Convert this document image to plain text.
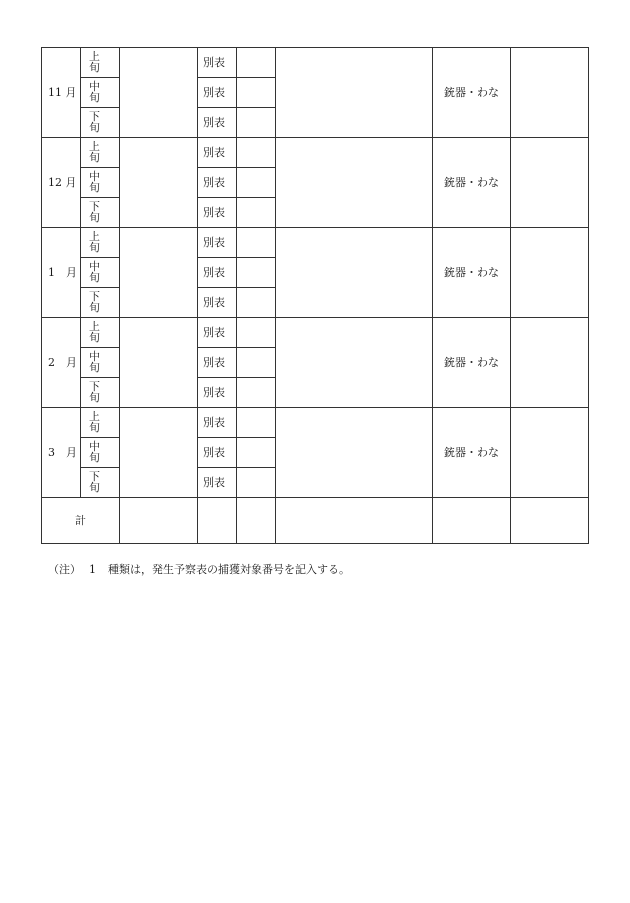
11 月	上 旬		別表			銃器・わな	
	中 旬		別表				
	下 旬		別表				
12 月	上 旬		別表			銃器・わな	
	中 旬		別表				
	下 旬		別表				
1　月	上 旬		別表			銃器・わな	
	中 旬		別表				
	下 旬		別表				
2　月	上 旬		別表			銃器・わな	
	中 旬		別表				
	下 旬		別表				
3　月	上 旬		別表			銃器・わな	
	中 旬		別表				
	下 旬		別表				
計							
（注） 1 種類は，発生予察表の捕獲対象番号を記入する。
